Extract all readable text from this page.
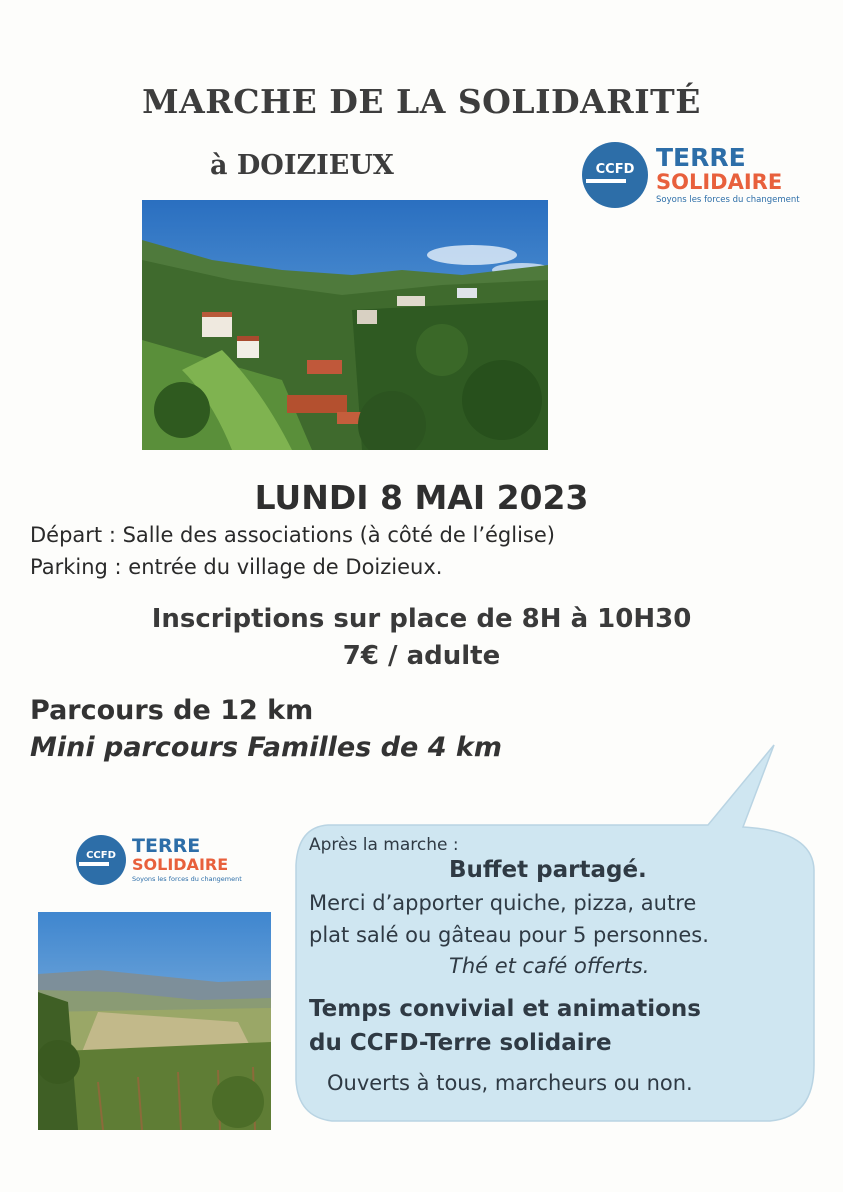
MARCHE DE LA SOLIDARITÉ
à DOIZIEUX	CCFD TERRE
SOLIDAIRE
Soyons les forces du changement
LUNDI 8 MAI 2023
Départ : Salle des associations (à côté de l’église)
Parking : entrée du village de Doizieux.
Inscriptions sur place de 8H à 10H30
7€ / adulte
Parcours de 12 km
Mini parcours Familles de 4 km
CCFD TERRE
SOLIDAIRE
Soyons les forces du changement
Après la marche :
Buffet partagé.
Merci d’apporter quiche, pizza, autre
plat salé ou gâteau pour 5 personnes.
Thé et café offerts.
Temps convivial et animations
du CCFD-Terre solidaire
Ouverts à tous, marcheurs ou non.
